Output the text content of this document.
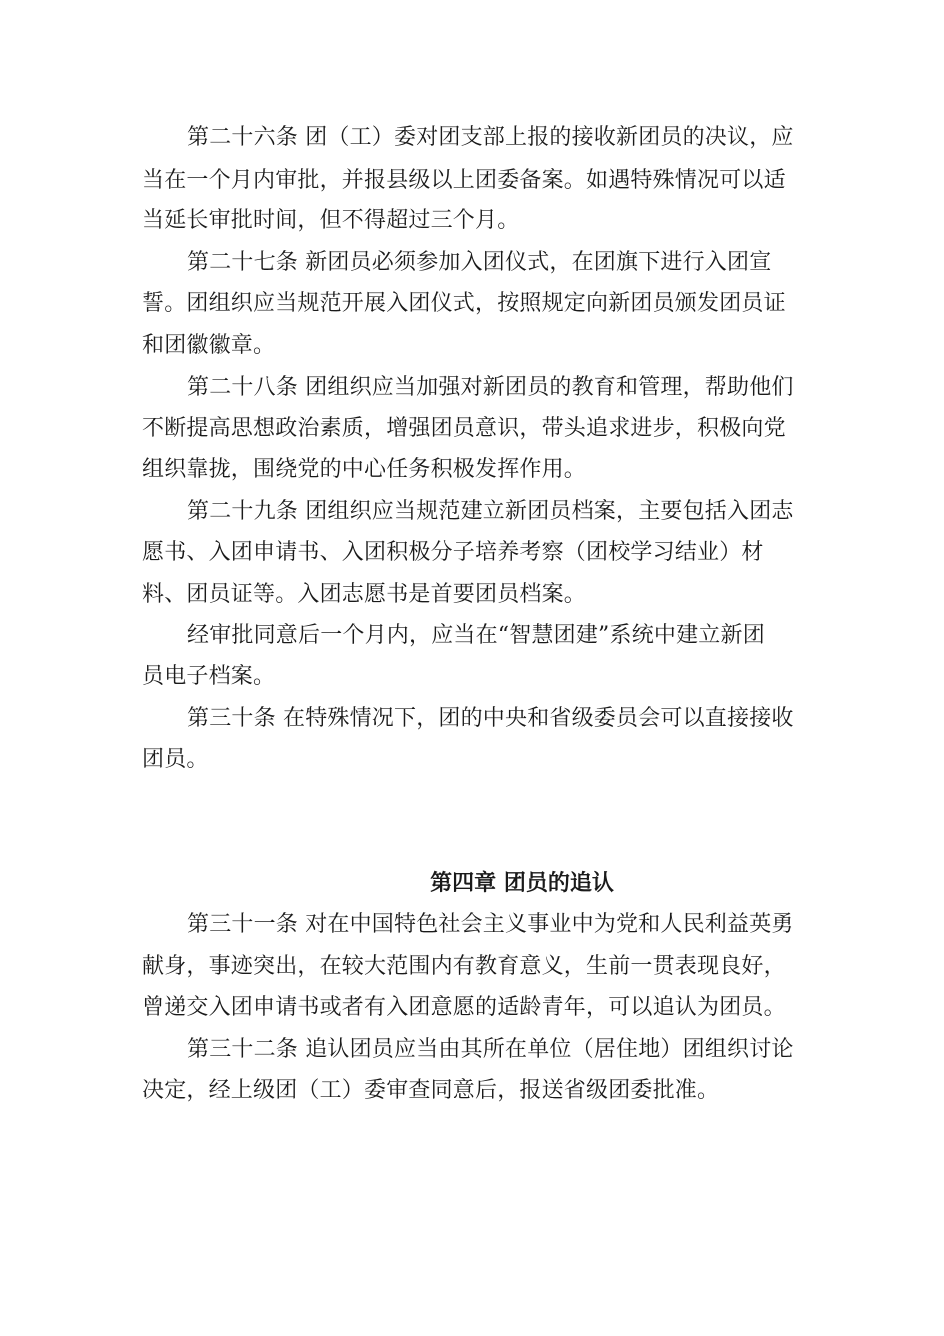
第二十六条 团（工）委对团支部上报的接收新团员的决议，应
当在一个月内审批，并报县级以上团委备案。如遇特殊情况可以适
当延长审批时间，但不得超过三个月。
第二十七条 新团员必须参加入团仪式，在团旗下进行入团宣
誓。团组织应当规范开展入团仪式，按照规定向新团员颁发团员证
和团徽徽章。
第二十八条 团组织应当加强对新团员的教育和管理，帮助他们
不断提高思想政治素质，增强团员意识，带头追求进步，积极向党
组织靠拢，围绕党的中心任务积极发挥作用。
第二十九条 团组织应当规范建立新团员档案，主要包括入团志
愿书、入团申请书、入团积极分子培养考察（团校学习结业）材
料、团员证等。入团志愿书是首要团员档案。
经审批同意后一个月内，应当在“智慧团建”系统中建立新团
员电子档案。
第三十条 在特殊情况下，团的中央和省级委员会可以直接接收
团员。
第四章 团员的追认
第三十一条 对在中国特色社会主义事业中为党和人民利益英勇
献身，事迹突出，在较大范围内有教育意义，生前一贯表现良好，
曾递交入团申请书或者有入团意愿的适龄青年，可以追认为团员。
第三十二条 追认团员应当由其所在单位（居住地）团组织讨论
决定，经上级团（工）委审查同意后，报送省级团委批准。
